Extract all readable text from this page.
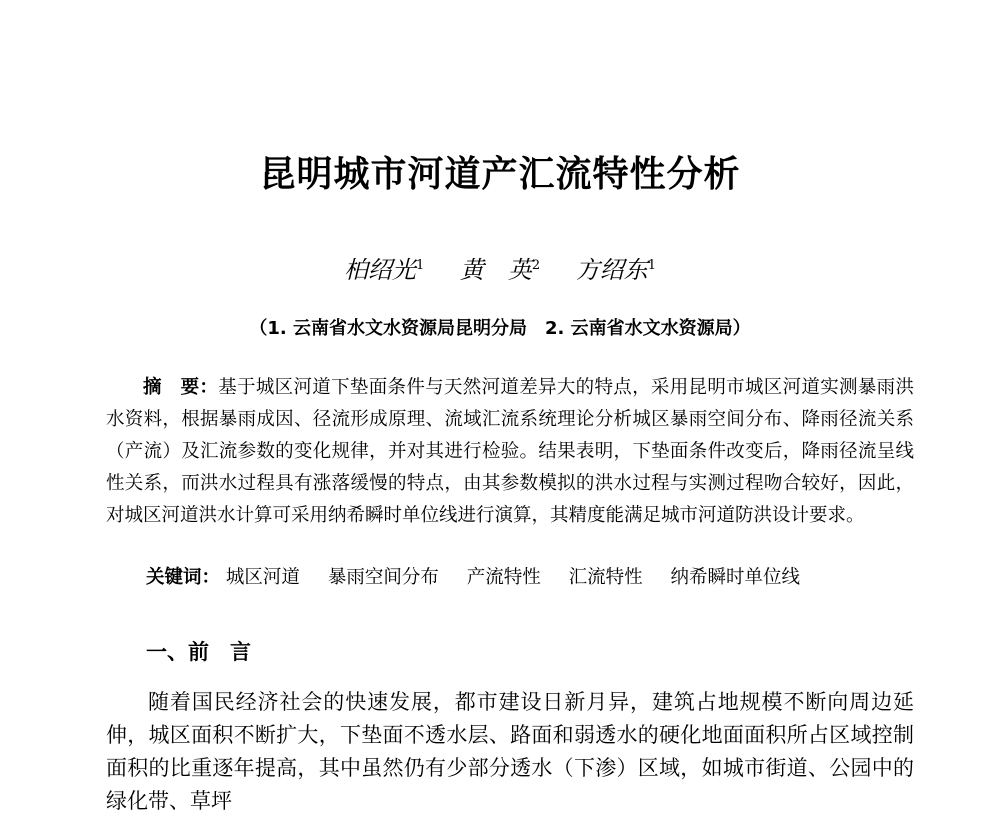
昆明城市河道产汇流特性分析
柏绍光$^1$ 黄　英$^2$ 方绍东$^1$
（1. 云南省水文水资源局昆明分局　2. 云南省水文水资源局）
摘　要：基于城区河道下垫面条件与天然河道差异大的特点，采用昆明市城区河道实测暴雨洪水资料，根据暴雨成因、径流形成原理、流域汇流系统理论分析城区暴雨空间分布、降雨径流关系（产流）及汇流参数的变化规律，并对其进行检验。结果表明，下垫面条件改变后，降雨径流呈线性关系，而洪水过程具有涨落缓慢的特点，由其参数模拟的洪水过程与实测过程吻合较好，因此，对城区河道洪水计算可采用纳希瞬时单位线进行演算，其精度能满足城市河道防洪设计要求。
关键词： 城区河道 暴雨空间分布 产流特性 汇流特性 纳希瞬时单位线
一、前　言
随着国民经济社会的快速发展，都市建设日新月异，建筑占地规模不断向周边延伸，城区面积不断扩大，下垫面不透水层、路面和弱透水的硬化地面面积所占区域控制面积的比重逐年提高，其中虽然仍有少部分透水（下渗）区域，如城市街道、公园中的绿化带、草坪
